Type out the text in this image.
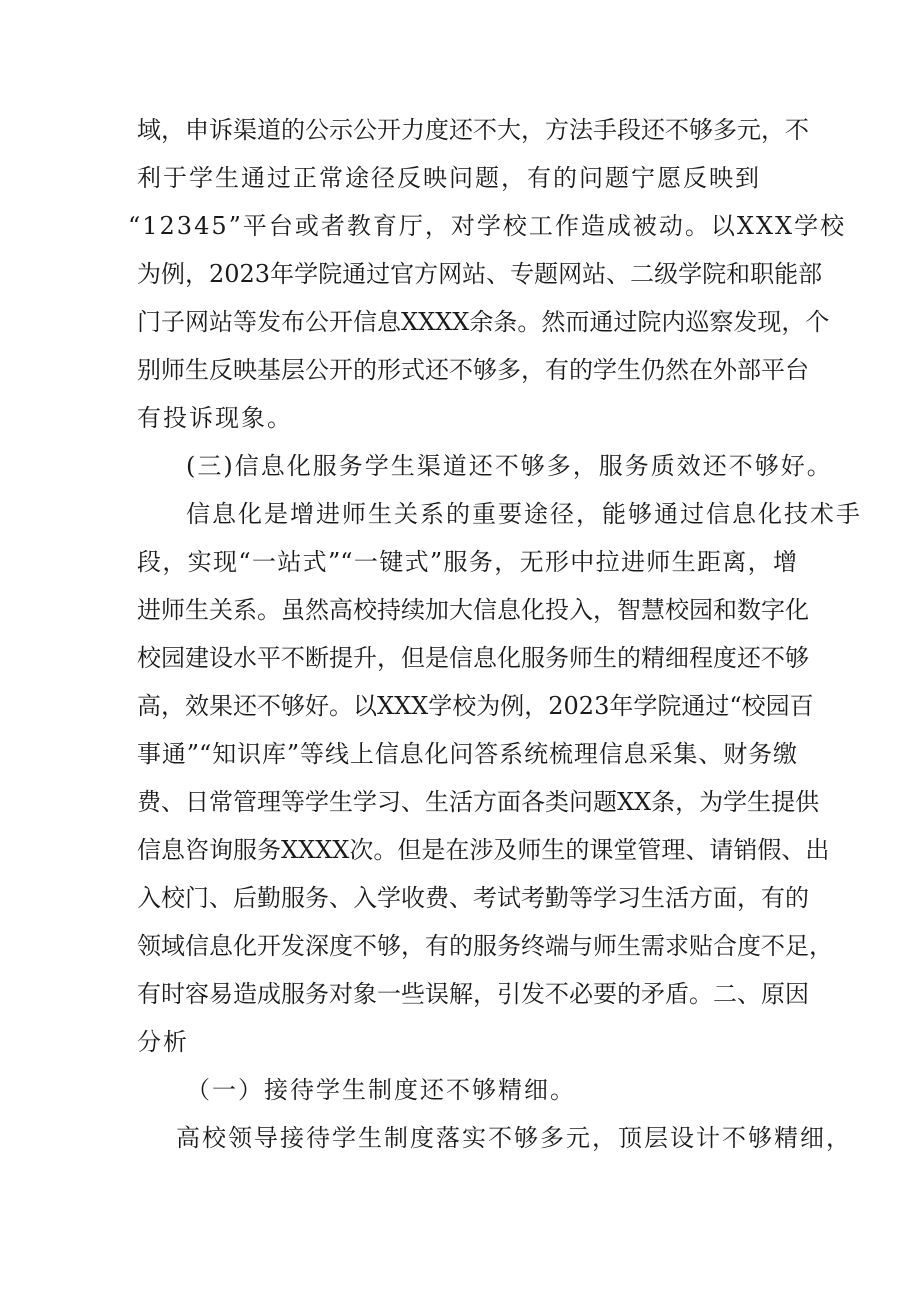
域，申诉渠道的公示公开力度还不大，方法手段还不够多元，不
利于学生通过正常途径反映问题，有的问题宁愿反映到
“12345”平台或者教育厅，对学校工作造成被动。以XXX学校
为例，2023年学院通过官方网站、专题网站、二级学院和职能部
门子网站等发布公开信息XXXX余条。然而通过院内巡察发现，个
别师生反映基层公开的形式还不够多，有的学生仍然在外部平台
有投诉现象。
(三)信息化服务学生渠道还不够多，服务质效还不够好。
信息化是增进师生关系的重要途径，能够通过信息化技术手
段，实现“一站式”“一键式”服务，无形中拉进师生距离，增
进师生关系。虽然高校持续加大信息化投入，智慧校园和数字化
校园建设水平不断提升，但是信息化服务师生的精细程度还不够
高，效果还不够好。以XXX学校为例，2023年学院通过“校园百
事通”“知识库”等线上信息化问答系统梳理信息采集、财务缴
费、日常管理等学生学习、生活方面各类问题XX条，为学生提供
信息咨询服务XXXX次。但是在涉及师生的课堂管理、请销假、出
入校门、后勤服务、入学收费、考试考勤等学习生活方面，有的
领域信息化开发深度不够，有的服务终端与师生需求贴合度不足，
有时容易造成服务对象一些误解，引发不必要的矛盾。二、原因
分析
（一）接待学生制度还不够精细。
高校领导接待学生制度落实不够多元，顶层设计不够精细，
